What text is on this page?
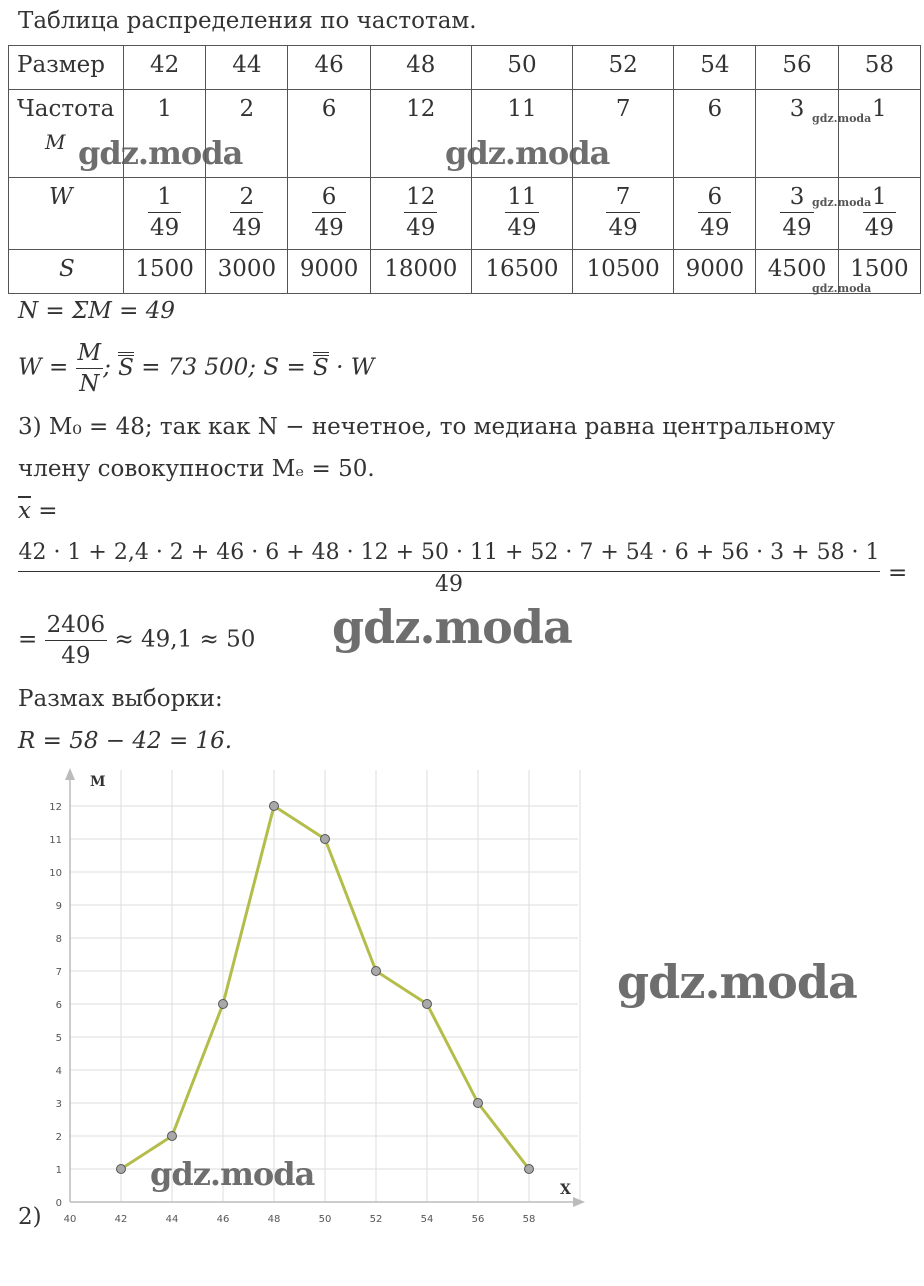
Таблица распределения по частотам.
Размер	42	44	46	48	50	52	54	56	58

Частота
M	1	2	6	12	11	7	6	3	1
W	$\frac{1}{49}$	$\frac{2}{49}$	$\frac{6}{49}$	$\frac{12}{49}$	$\frac{11}{49}$	$\frac{7}{49}$	$\frac{6}{49}$	$\frac{3}{49}$	$\frac{1}{49}$

S	1500	3000	9000	18000	16500	10500	9000	4500	1500
N = ΣM = 49
$W = \frac{M}{N}$ ; S = 73 500; S = S · W
3) M₀ = 48; так как N − нечетное, то медиана равна центральному
члену совокупности Mₑ = 50.
$\overline{x}$ =
42 · 1 + 2,4 · 2 + 46 · 6 + 48 · 12 + 50 · 11 + 52 · 7 + 54 · 6 + 56 · 3 + 58 · 1
49	=
= $\frac{2406}{49} \approx 49,1 \approx 50$
Размах выборки:
R = 58 − 42 = 16.
40	42	44	46	48	50	52	54	56	58
0
1
2
3
4
5
6
7
8
9
10
11
12
M
X
2)
gdz.moda	gdz.moda
gdz.moda
gdz.moda
gdz.moda
gdz.moda
gdz.moda
gdz.moda
